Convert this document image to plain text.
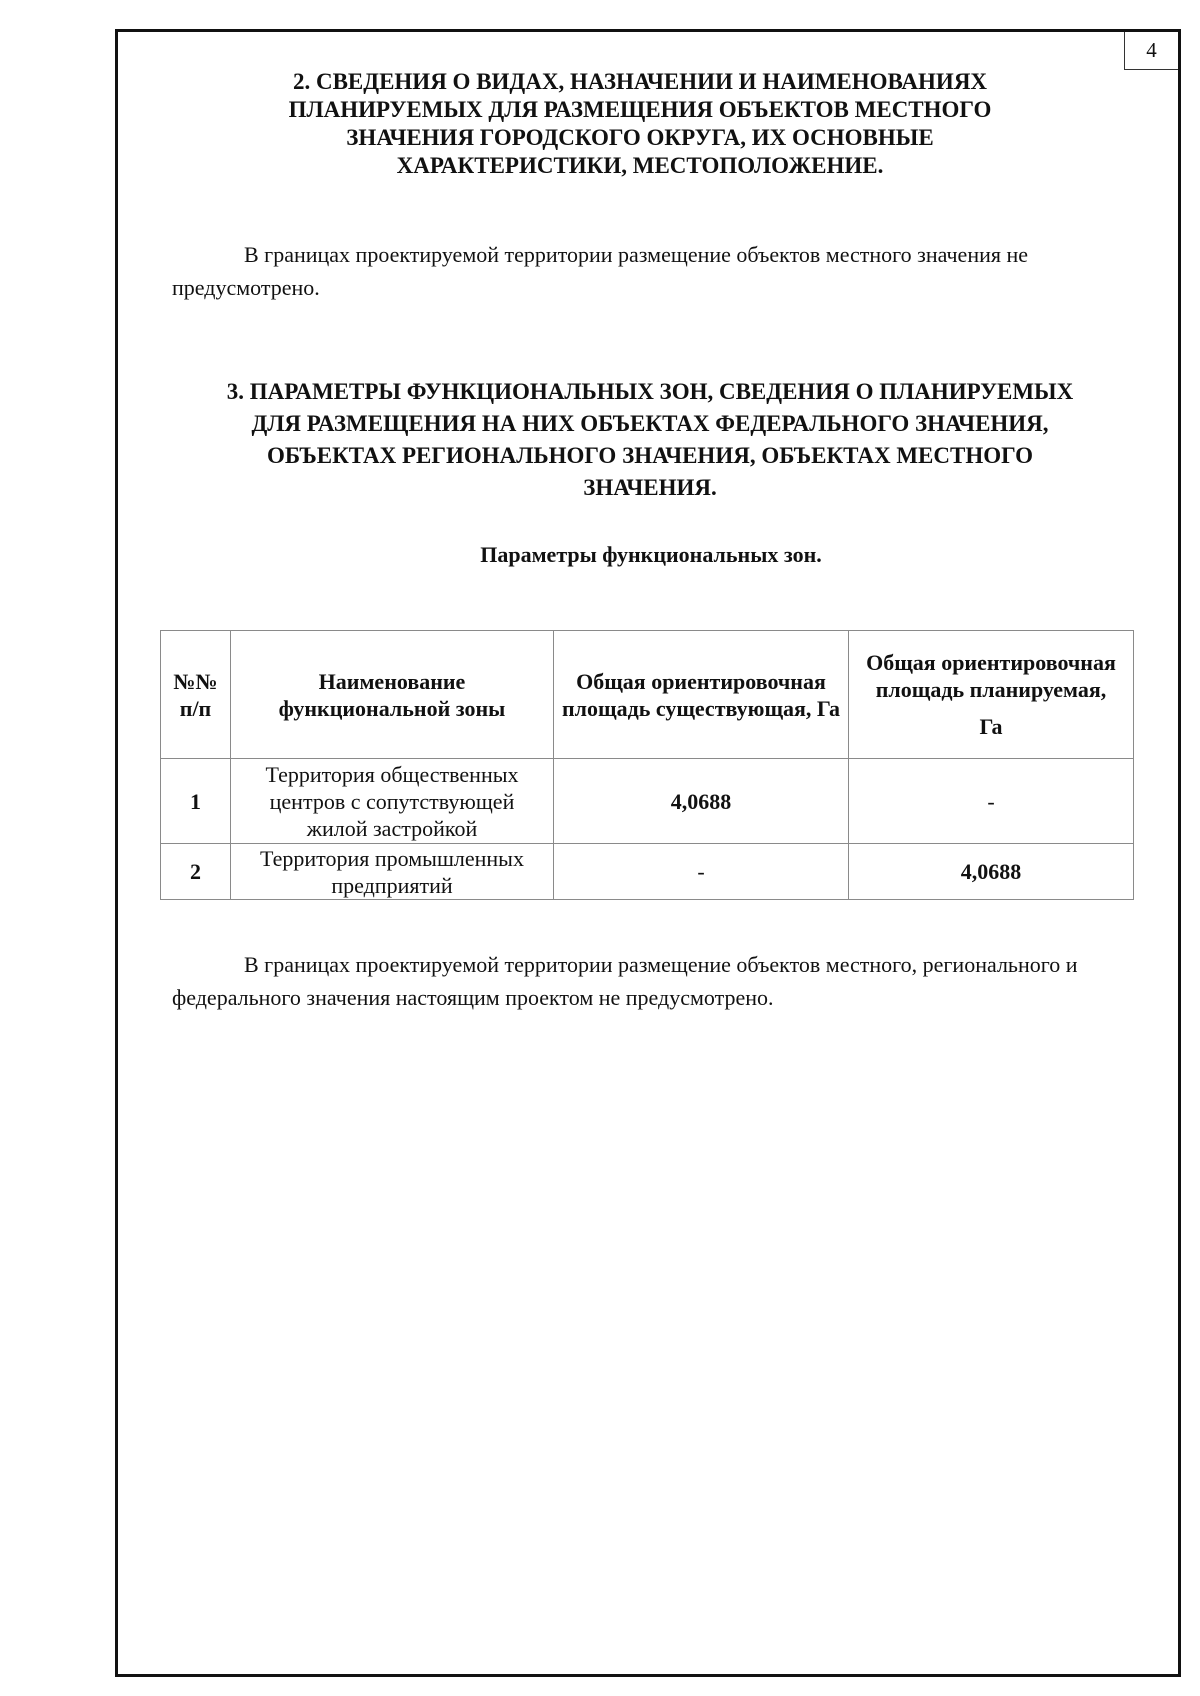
4
2. СВЕДЕНИЯ О ВИДАХ, НАЗНАЧЕНИИ И НАИМЕНОВАНИЯХ
ПЛАНИРУЕМЫХ ДЛЯ РАЗМЕЩЕНИЯ ОБЪЕКТОВ МЕСТНОГО
ЗНАЧЕНИЯ ГОРОДСКОГО ОКРУГА, ИХ ОСНОВНЫЕ
ХАРАКТЕРИСТИКИ, МЕСТОПОЛОЖЕНИЕ.

В границах проектируемой территории размещение объектов местного значения не предусмотрено.

3. ПАРАМЕТРЫ ФУНКЦИОНАЛЬНЫХ ЗОН, СВЕДЕНИЯ О ПЛАНИРУЕМЫХ
ДЛЯ РАЗМЕЩЕНИЯ НА НИХ ОБЪЕКТАХ ФЕДЕРАЛЬНОГО ЗНАЧЕНИЯ,
ОБЪЕКТАХ РЕГИОНАЛЬНОГО ЗНАЧЕНИЯ, ОБЪЕКТАХ МЕСТНОГО
ЗНАЧЕНИЯ.
Параметры функциональных зон.
№№ п/п	Наименование функциональной зоны	Общая ориентировочная площадь существующая, Га	Общая ориентировочная площадь планируемая,
Га

1	Территория общественных центров с сопутствующей жилой застройкой	4,0688	-
2	Территория промышленных предприятий	-	4,0688

В границах проектируемой территории размещение объектов местного, регионального и федерального значения настоящим проектом не предусмотрено.
